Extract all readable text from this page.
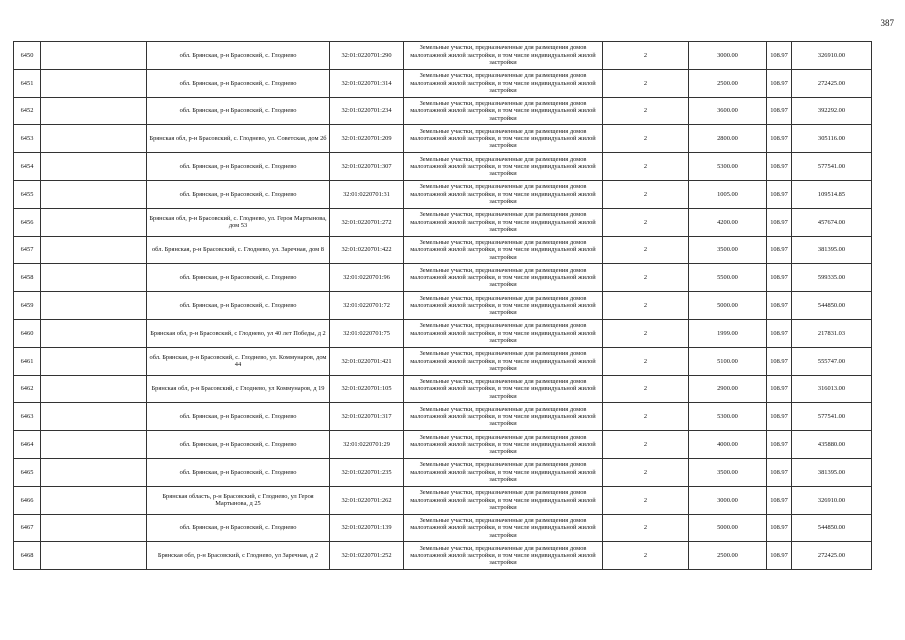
387
6450		обл. Брянская, р-н Брасовский, с. Глоднево	32:01:0220701:290	Земельные участки, предназначенные для размещения домов малоэтажной жилой застройки, в том числе индивидуальной жилой застройки	2	3000.00	108.97	326910.00
6451		обл. Брянская, р-н Брасовский, с. Глоднево	32:01:0220701:314	Земельные участки, предназначенные для размещения домов малоэтажной жилой застройки, в том числе индивидуальной жилой застройки	2	2500.00	108.97	272425.00
6452		обл. Брянская, р-н Брасовский, с. Глоднево	32:01:0220701:234	Земельные участки, предназначенные для размещения домов малоэтажной жилой застройки, в том числе индивидуальной жилой застройки	2	3600.00	108.97	392292.00
6453		Брянская обл, р-н Брасовский, с. Глоднево, ул. Советская, дом 2б	32:01:0220701:209	Земельные участки, предназначенные для размещения домов малоэтажной жилой застройки, в том числе индивидуальной жилой застройки	2	2800.00	108.97	305116.00
6454		обл. Брянская, р-н Брасовский, с. Глоднево	32:01:0220701:307	Земельные участки, предназначенные для размещения домов малоэтажной жилой застройки, в том числе индивидуальной жилой застройки	2	5300.00	108.97	577541.00
6455		обл. Брянская, р-н Брасовский, с. Глоднево	32:01:0220701:31	Земельные участки, предназначенные для размещения домов малоэтажной жилой застройки, в том числе индивидуальной жилой застройки	2	1005.00	108.97	109514.85
6456		Брянская обл, р-н Брасовский, с. Глоднево, ул. Героя Мартынова, дом 53	32:01:0220701:272	Земельные участки, предназначенные для размещения домов малоэтажной жилой застройки, в том числе индивидуальной жилой застройки	2	4200.00	108.97	457674.00
6457		обл. Брянская, р-н Брасовский, с. Глоднево, ул. Заречная, дом 8	32:01:0220701:422	Земельные участки, предназначенные для размещения домов малоэтажной жилой застройки, в том числе индивидуальной жилой застройки	2	3500.00	108.97	381395.00
6458		обл. Брянская, р-н Брасовский, с. Глоднево	32:01:0220701:96	Земельные участки, предназначенные для размещения домов малоэтажной жилой застройки, в том числе индивидуальной жилой застройки	2	5500.00	108.97	599335.00
6459		обл. Брянская, р-н Брасовский, с. Глоднево	32:01:0220701:72	Земельные участки, предназначенные для размещения домов малоэтажной жилой застройки, в том числе индивидуальной жилой застройки	2	5000.00	108.97	544850.00
6460		Брянская обл, р-н Брасовский, с Глоднево, ул 40 лет Победы, д 2	32:01:0220701:75	Земельные участки, предназначенные для размещения домов малоэтажной жилой застройки, в том числе индивидуальной жилой застройки	2	1999.00	108.97	217831.03
6461		обл. Брянская, р-н Брасовский, с. Глоднево, ул. Коммунаров, дом 44	32:01:0220701:421	Земельные участки, предназначенные для размещения домов малоэтажной жилой застройки, в том числе индивидуальной жилой застройки	2	5100.00	108.97	555747.00
6462		Брянская обл, р-н Брасовский, с Глоднево, ул Коммунаров, д 19	32:01:0220701:105	Земельные участки, предназначенные для размещения домов малоэтажной жилой застройки, в том числе индивидуальной жилой застройки	2	2900.00	108.97	316013.00
6463		обл. Брянская, р-н Брасовский, с. Глоднево	32:01:0220701:317	Земельные участки, предназначенные для размещения домов малоэтажной жилой застройки, в том числе индивидуальной жилой застройки	2	5300.00	108.97	577541.00
6464		обл. Брянская, р-н Брасовский, с. Глоднево	32:01:0220701:29	Земельные участки, предназначенные для размещения домов малоэтажной жилой застройки, в том числе индивидуальной жилой застройки	2	4000.00	108.97	435880.00
6465		обл. Брянская, р-н Брасовский, с. Глоднево	32:01:0220701:235	Земельные участки, предназначенные для размещения домов малоэтажной жилой застройки, в том числе индивидуальной жилой застройки	2	3500.00	108.97	381395.00
6466		Брянская область, р-н Брасовский, с Глоднево, ул Героя Мартынова, д 25	32:01:0220701:262	Земельные участки, предназначенные для размещения домов малоэтажной жилой застройки, в том числе индивидуальной жилой застройки	2	3000.00	108.97	326910.00
6467		обл. Брянская, р-н Брасовский, с. Глоднево	32:01:0220701:139	Земельные участки, предназначенные для размещения домов малоэтажной жилой застройки, в том числе индивидуальной жилой застройки	2	5000.00	108.97	544850.00
6468		Брянская обл, р-н Брасовский, с Глоднево, ул Заречная, д 2	32:01:0220701:252	Земельные участки, предназначенные для размещения домов малоэтажной жилой застройки, в том числе индивидуальной жилой застройки	2	2500.00	108.97	272425.00
